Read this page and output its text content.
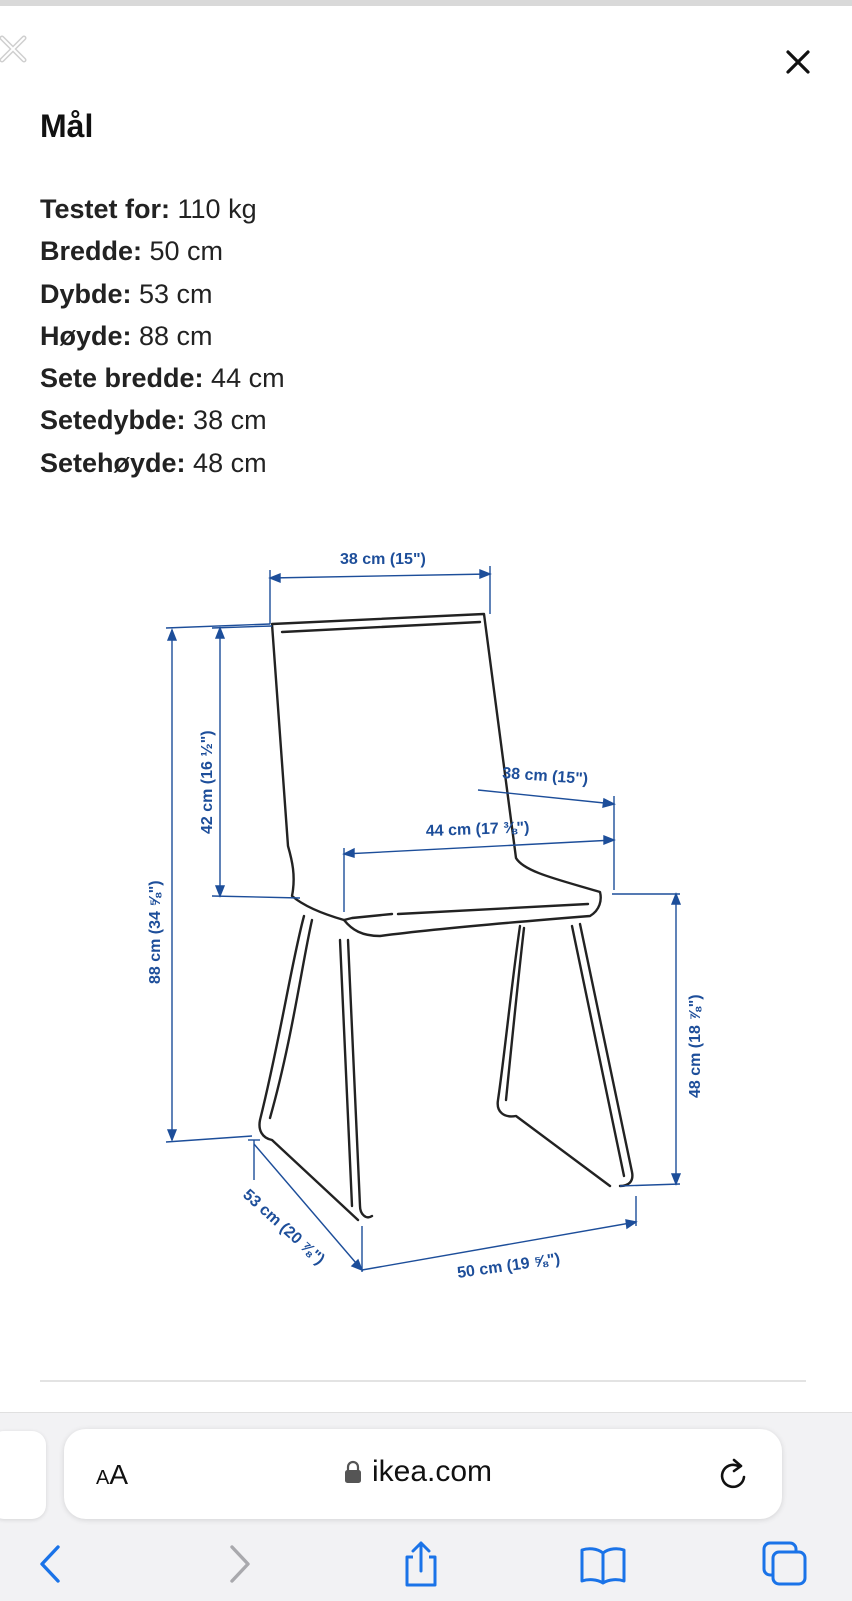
Mål
Testet for: 110 kg
Bredde: 50 cm
Dybde: 53 cm
Høyde: 88 cm
Sete bredde: 44 cm
Setedybde: 38 cm
Setehøyde: 48 cm
38 cm (15")
42 cm (16 ½")
88 cm (34 ⅝")
38 cm (15")
44 cm (17 ⅜")
48 cm (18 ⅞")
53 cm (20 ⅞")	50 cm (19 ⅝")
AA	ikea.com
